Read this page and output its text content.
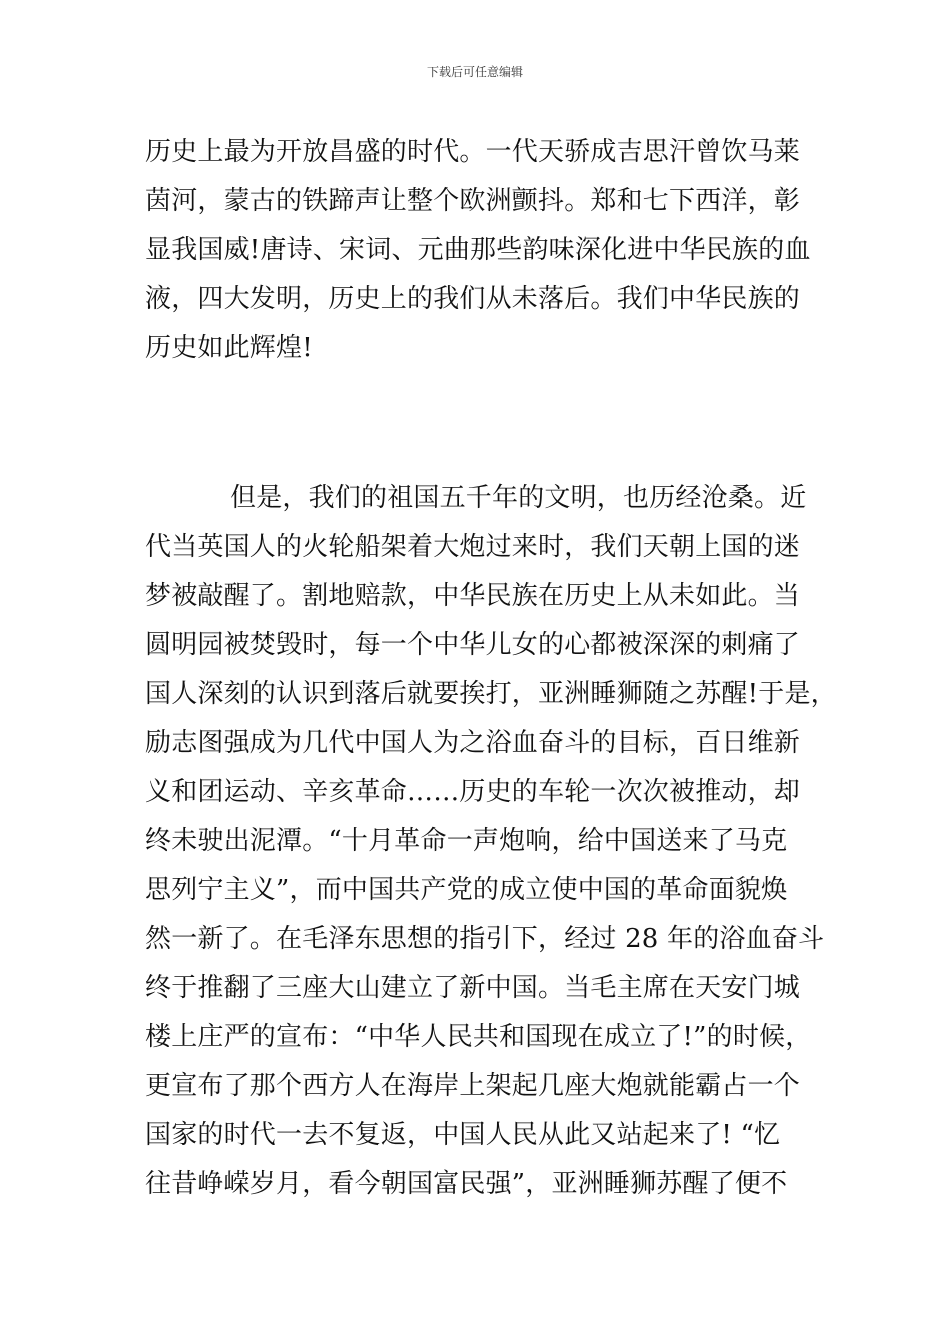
下载后可任意编辑
历史上最为开放昌盛的时代。一代天骄成吉思汗曾饮马莱
茵河，蒙古的铁蹄声让整个欧洲颤抖。郑和七下西洋，彰
显我国威!唐诗、宋词、元曲那些韵味深化进中华民族的血
液，四大发明，历史上的我们从未落后。我们中华民族的
历史如此辉煌!
但是，我们的祖国五千年的文明，也历经沧桑。近
代当英国人的火轮船架着大炮过来时，我们天朝上国的迷
梦被敲醒了。割地赔款，中华民族在历史上从未如此。当
圆明园被焚毁时，每一个中华儿女的心都被深深的刺痛了
国人深刻的认识到落后就要挨打，亚洲睡狮随之苏醒!于是，
励志图强成为几代中国人为之浴血奋斗的目标，百日维新
义和团运动、辛亥革命……历史的车轮一次次被推动，却
终未驶出泥潭。“十月革命一声炮响，给中国送来了马克
思列宁主义”，而中国共产党的成立使中国的革命面貌焕
然一新了。在毛泽东思想的指引下，经过 28 年的浴血奋斗
终于推翻了三座大山建立了新中国。当毛主席在天安门城
楼上庄严的宣布：“中华人民共和国现在成立了!”的时候，
更宣布了那个西方人在海岸上架起几座大炮就能霸占一个
国家的时代一去不复返，中国人民从此又站起来了! “忆
往昔峥嵘岁月，看今朝国富民强”，亚洲睡狮苏醒了便不
